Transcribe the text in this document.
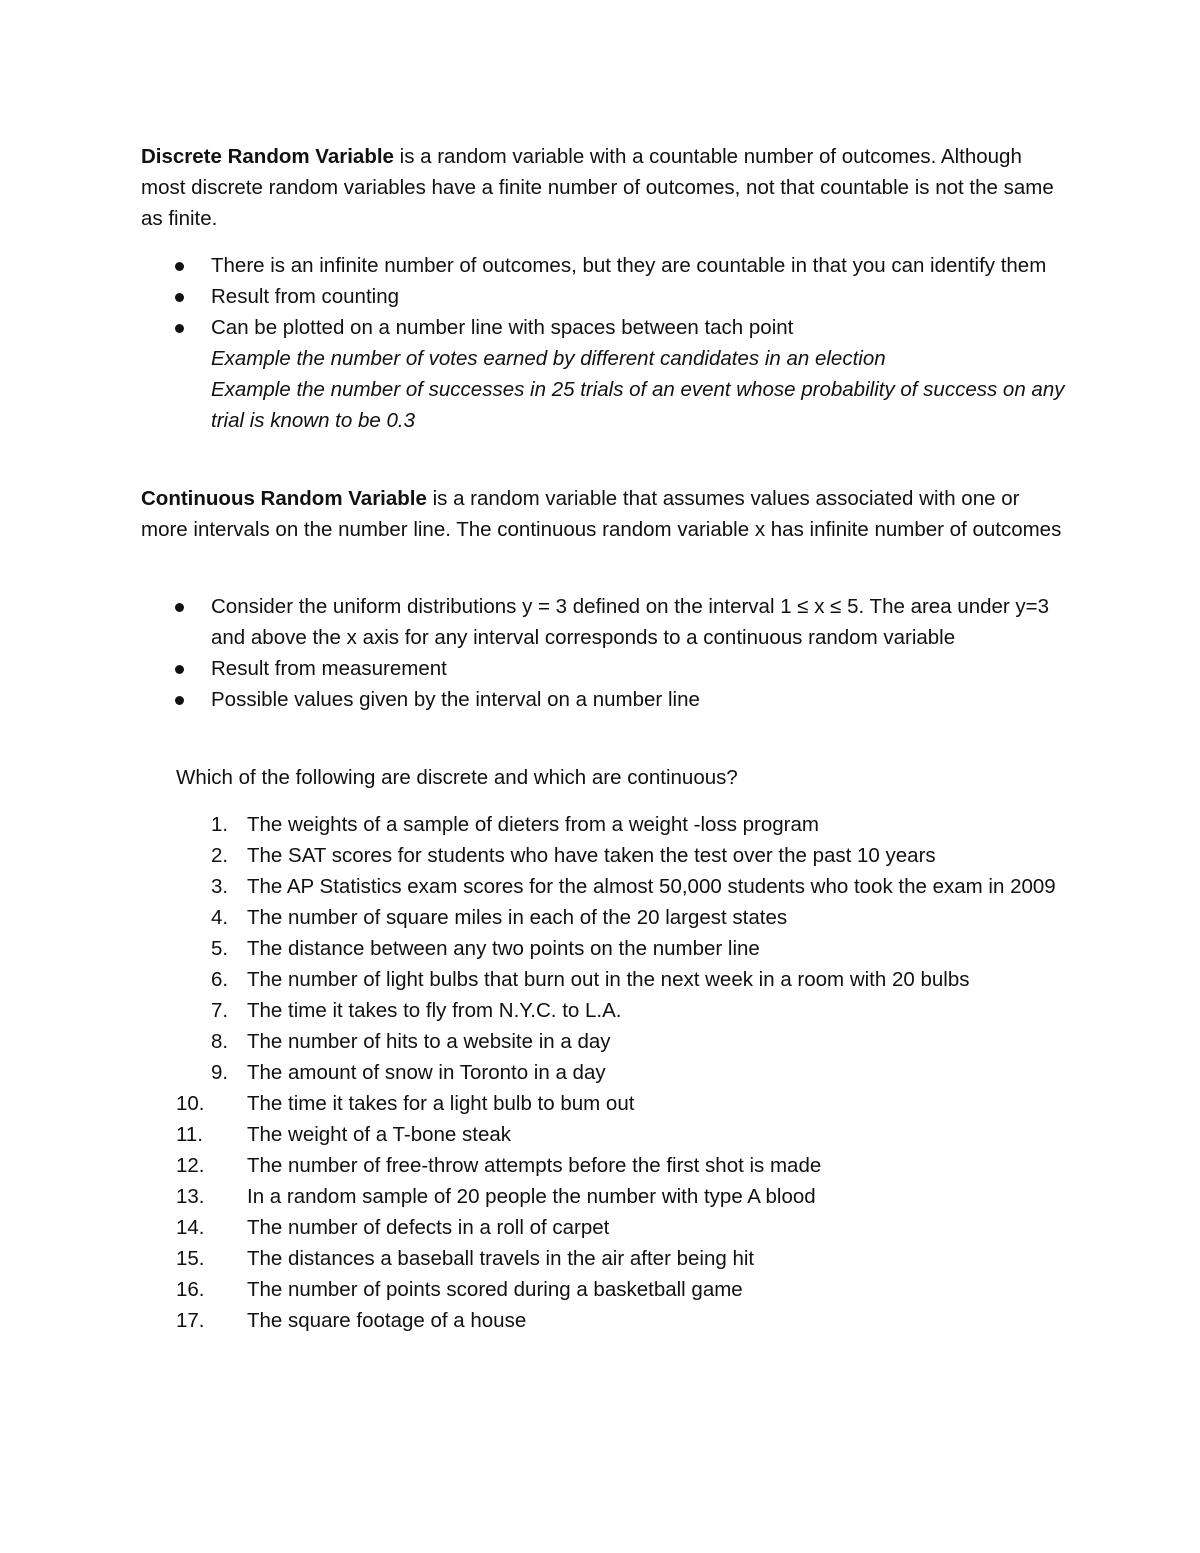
Discrete Random Variable is a random variable with a countable number of outcomes. Although most discrete random variables have a finite number of outcomes, not that countable is not the same as finite.
There is an infinite number of outcomes, but they are countable in that you can identify them
Result from counting
Can be plotted on a number line with spaces between tach point
Example the number of votes earned by different candidates in an election
Example the number of successes in 25 trials of an event whose probability of success on any trial is known to be 0.3
Continuous Random Variable is a random variable that assumes values associated with one or more intervals on the number line. The continuous random variable x has infinite number of outcomes
Consider the uniform distributions y = 3 defined on the interval 1 ≤ x ≤ 5. The area under y=3 and above the x axis for any interval corresponds to a continuous random variable
Result from measurement
Possible values given by the interval on a number line
Which of the following are discrete and which are continuous?
1. The weights of a sample of dieters from a weight -loss program
2. The SAT scores for students who have taken the test over the past 10 years
3. The AP Statistics exam scores for the almost 50,000 students who took the exam in 2009
4. The number of square miles in each of the 20 largest states
5. The distance between any two points on the number line
6. The number of light bulbs that burn out in the next week in a room with 20 bulbs
7. The time it takes to fly from N.Y.C. to L.A.
8. The number of hits to a website in a day
9. The amount of snow in Toronto in a day
10. The time it takes for a light bulb to bum out
11. The weight of a T-bone steak
12. The number of free-throw attempts before the first shot is made
13. In a random sample of 20 people the number with type A blood
14. The number of defects in a roll of carpet
15. The distances a baseball travels in the air after being hit
16. The number of points scored during a basketball game
17. The square footage of a house
